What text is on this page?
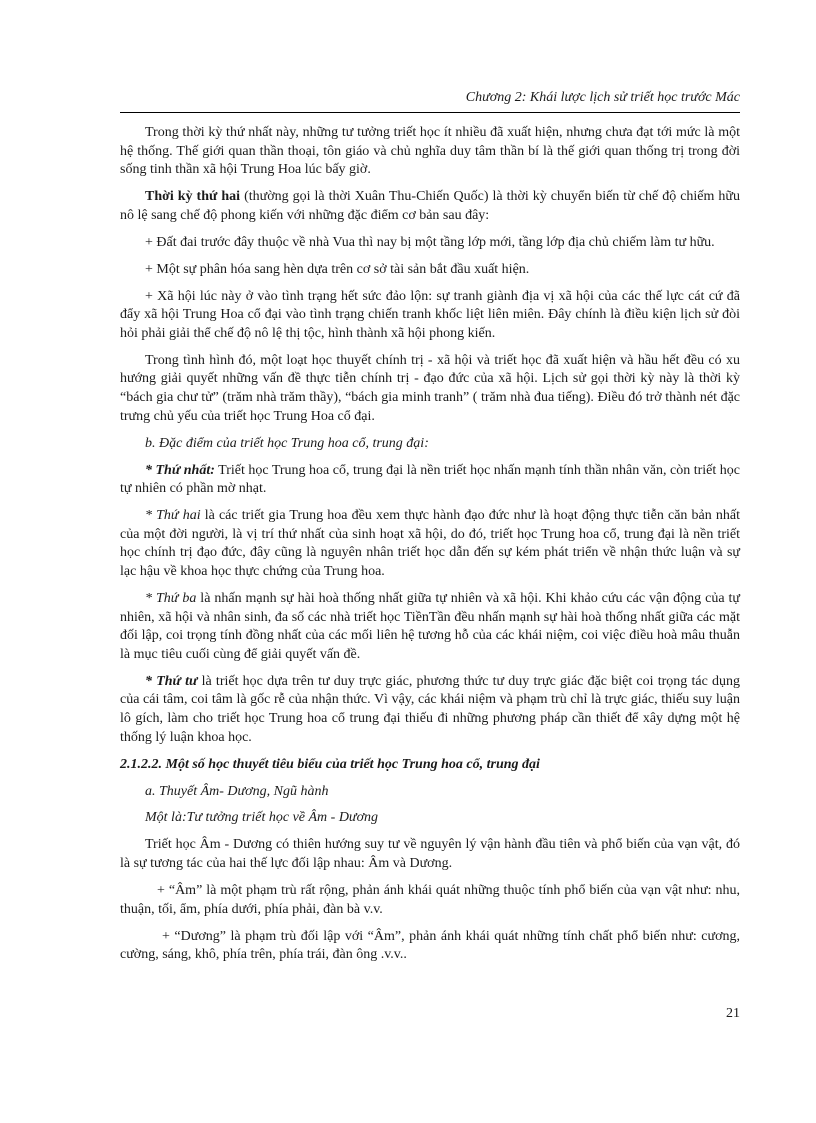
Chương 2: Khái lược lịch sử triết học trước Mác

Trong thời kỳ thứ nhất này, những tư tưởng triết học ít nhiều đã xuất hiện, nhưng chưa đạt tới mức là một hệ thống. Thế giới quan thần thoại, tôn giáo và chủ nghĩa duy tâm thần bí là thế giới quan thống trị trong đời sống tinh thần xã hội Trung Hoa lúc bấy giờ.

Thời kỳ thứ hai (thường gọi là thời Xuân Thu-Chiến Quốc) là thời kỳ chuyển biến từ chế độ chiếm hữu nô lệ sang chế độ phong kiến với những đặc điểm cơ bản sau đây:

+ Đất đai trước đây thuộc về nhà Vua thì nay bị một tầng lớp mới, tầng lớp địa chủ chiếm làm tư hữu.

+ Một sự phân hóa sang hèn dựa trên cơ sở tài sản bắt đầu xuất hiện.

+ Xã hội lúc này ở vào tình trạng hết sức đảo lộn: sự tranh giành địa vị xã hội của các thế lực cát cứ đã đẩy xã hội Trung Hoa cổ đại vào tình trạng chiến tranh khốc liệt liên miên. Đây chính là điều kiện lịch sử đòi hỏi phải giải thể chế độ nô lệ thị tộc, hình thành xã hội phong kiến.

Trong tình hình đó, một loạt học thuyết chính trị - xã hội và triết học đã xuất hiện và hầu hết đều có xu hướng giải quyết những vấn đề thực tiễn chính trị - đạo đức của xã hội. Lịch sử gọi thời kỳ này là thời kỳ “bách gia chư tử” (trăm nhà trăm thầy), “bách gia minh tranh” ( trăm nhà đua tiếng). Điều đó trở thành nét đặc trưng chủ yếu của triết học Trung Hoa cổ đại.

b. Đặc điểm của triết học Trung hoa cổ, trung đại:

* Thứ nhất: Triết học Trung hoa cổ, trung đại là nền triết học nhấn mạnh tính thần nhân văn, còn triết học tự nhiên có phần mờ nhạt.

* Thứ hai là các triết gia Trung hoa đều xem thực hành đạo đức như là hoạt động thực tiễn căn bản nhất của một đời người, là vị trí thứ nhất của sinh hoạt xã hội, do đó, triết học Trung hoa cổ, trung đại là nền triết học chính trị đạo đức, đây cũng là nguyên nhân triết học dẫn đến sự kém phát triển về nhận thức luận và sự lạc hậu về khoa học thực chứng của Trung hoa.

* Thứ ba là nhấn mạnh sự hài hoà thống nhất giữa tự nhiên và xã hội. Khi khảo cứu các vận động của tự nhiên, xã hội và nhân sinh, đa số các nhà triết học TiềnTần đều nhấn mạnh sự hài hoà thống nhất giữa các mặt đối lập, coi trọng tính đồng nhất của các mối liên hệ tương hỗ của các khái niệm, coi việc điều hoà mâu thuẫn là mục tiêu cuối cùng để giải quyết vấn đề.

* Thứ tư là triết học dựa trên tư duy trực giác, phương thức tư duy trực giác đặc biệt coi trọng tác dụng của cái tâm, coi tâm là gốc rễ của nhận thức. Vì vậy, các khái niệm và phạm trù chỉ là trực giác, thiếu suy luận lô gích, làm cho triết học Trung hoa cổ trung đại thiếu đi những phương pháp cần thiết để xây dựng một hệ thống lý luận khoa học.

2.1.2.2. Một số học thuyết tiêu biểu của triết học Trung hoa cổ, trung đại

a. Thuyết Âm- Dương, Ngũ hành

Một là:Tư tưởng triết học về Âm - Dương

Triết học Âm - Dương có thiên hướng suy tư về nguyên lý vận hành đầu tiên và phổ biến của vạn vật, đó là sự tương tác của hai thế lực đối lập nhau: Âm và Dương.

+ “Âm” là một phạm trù rất rộng, phản ánh khái quát những thuộc tính phổ biến của vạn vật như: nhu, thuận, tối, ẩm, phía dưới, phía phải, đàn bà v.v.

+ “Dương” là phạm trù đối lập với “Âm”, phản ánh khái quát những tính chất phổ biến như: cương, cường, sáng, khô, phía trên, phía trái, đàn ông .v.v..

21
